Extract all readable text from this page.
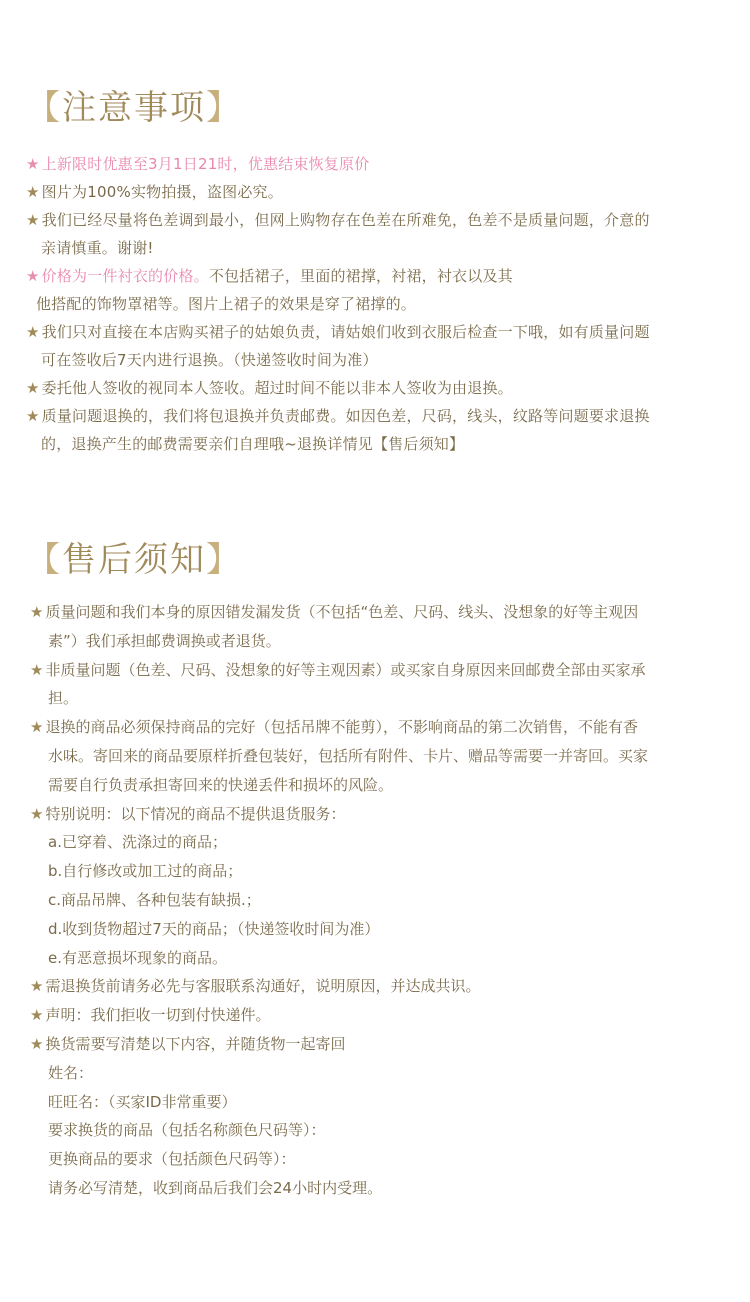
【注意事项】
★ 上新限时优惠至3月1日21时，优惠结束恢复原价
★ 图片为100%实物拍摄，盗图必究。
★ 我们已经尽量将色差调到最小，但网上购物存在色差在所难免，色差不是质量问题，介意的
亲请慎重。谢谢!
★ 价格为一件衬衣的价格。不包括裙子，里面的裙撑，衬裙，衬衣以及其
他搭配的饰物罩裙等。图片上裙子的效果是穿了裙撑的。
★ 我们只对直接在本店购买裙子的姑娘负责，请姑娘们收到衣服后检查一下哦，如有质量问题
可在签收后7天内进行退换。（快递签收时间为准）
★ 委托他人签收的视同本人签收。超过时间不能以非本人签收为由退换。
★ 质量问题退换的，我们将包退换并负责邮费。如因色差，尺码，线头，纹路等问题要求退换
的，退换产生的邮费需要亲们自理哦~退换详情见【售后须知】
【售后须知】
★ 质量问题和我们本身的原因错发漏发货（不包括“色差、尺码、线头、没想象的好等主观因
素”）我们承担邮费调换或者退货。
★ 非质量问题（色差、尺码、没想象的好等主观因素）或买家自身原因来回邮费全部由买家承
担。
★ 退换的商品必须保持商品的完好（包括吊牌不能剪），不影响商品的第二次销售，不能有香
水味。寄回来的商品要原样折叠包装好，包括所有附件、卡片、赠品等需要一并寄回。买家
需要自行负责承担寄回来的快递丢件和损坏的风险。
★ 特别说明：以下情况的商品不提供退货服务：
a.已穿着、洗涤过的商品；
b.自行修改或加工过的商品；
c.商品吊牌、各种包装有缺损.；
d.收到货物超过7天的商品；（快递签收时间为准）
e.有恶意损坏现象的商品。
★ 需退换货前请务必先与客服联系沟通好，说明原因，并达成共识。
★ 声明：我们拒收一切到付快递件。
★ 换货需要写清楚以下内容，并随货物一起寄回
姓名：
旺旺名：（买家ID非常重要）
要求换货的商品（包括名称颜色尺码等）：
更换商品的要求（包括颜色尺码等）：
请务必写清楚，收到商品后我们会24小时内受理。
